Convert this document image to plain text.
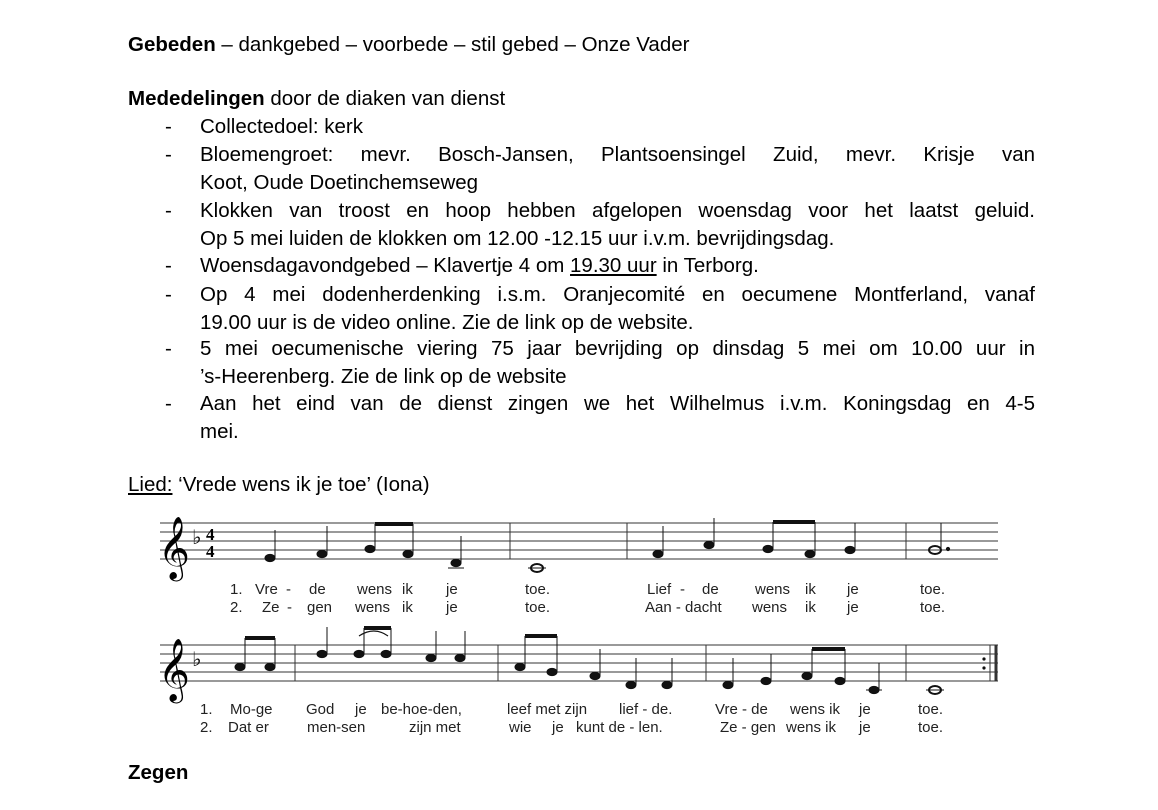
Gebeden – dankgebed – voorbede – stil gebed – Onze Vader
Mededelingen door de diaken van dienst
- Collectedoel: kerk
- Bloemengroet: mevr. Bosch-Jansen, Plantsoensingel Zuid, mevr. Krisje van
Koot, Oude Doetinchemseweg
- Klokken van troost en hoop hebben afgelopen woensdag voor het laatst geluid.
Op 5 mei luiden de klokken om 12.00 -12.15 uur i.v.m. bevrijdingsdag.
- Woensdagavondgebed – Klavertje 4 om 19.30 uur in Terborg.
- Op 4 mei dodenherdenking i.s.m. Oranjecomité en oecumene Montferland, vanaf
19.00 uur is de video online. Zie de link op de website.
- 5 mei oecumenische viering 75 jaar bevrijding op dinsdag 5 mei om 10.00 uur in
’s-Heerenberg. Zie de link op de website
- Aan het eind van de dienst zingen we het Wilhelmus i.v.m. Koningsdag en 4-5
mei.
Lied: ‘Vrede wens ik je toe’ (Iona)
𝄞 ♭ 4
4
1. Vre - de wens ik je	toe.	Lief - de wens ik je	toe.
2. Ze - gen wens ik je	toe.	Aan - dacht wens ik je	toe.
𝄞 ♭
1. Mo-ge God je be-hoe-den,	leef met zijn lief - de.	Vre - de wens ik je	toe.
2. Dat er	men-sen	zijn met	wie je kunt de - len.	Ze - gen wens ik je	toe.
Zegen
